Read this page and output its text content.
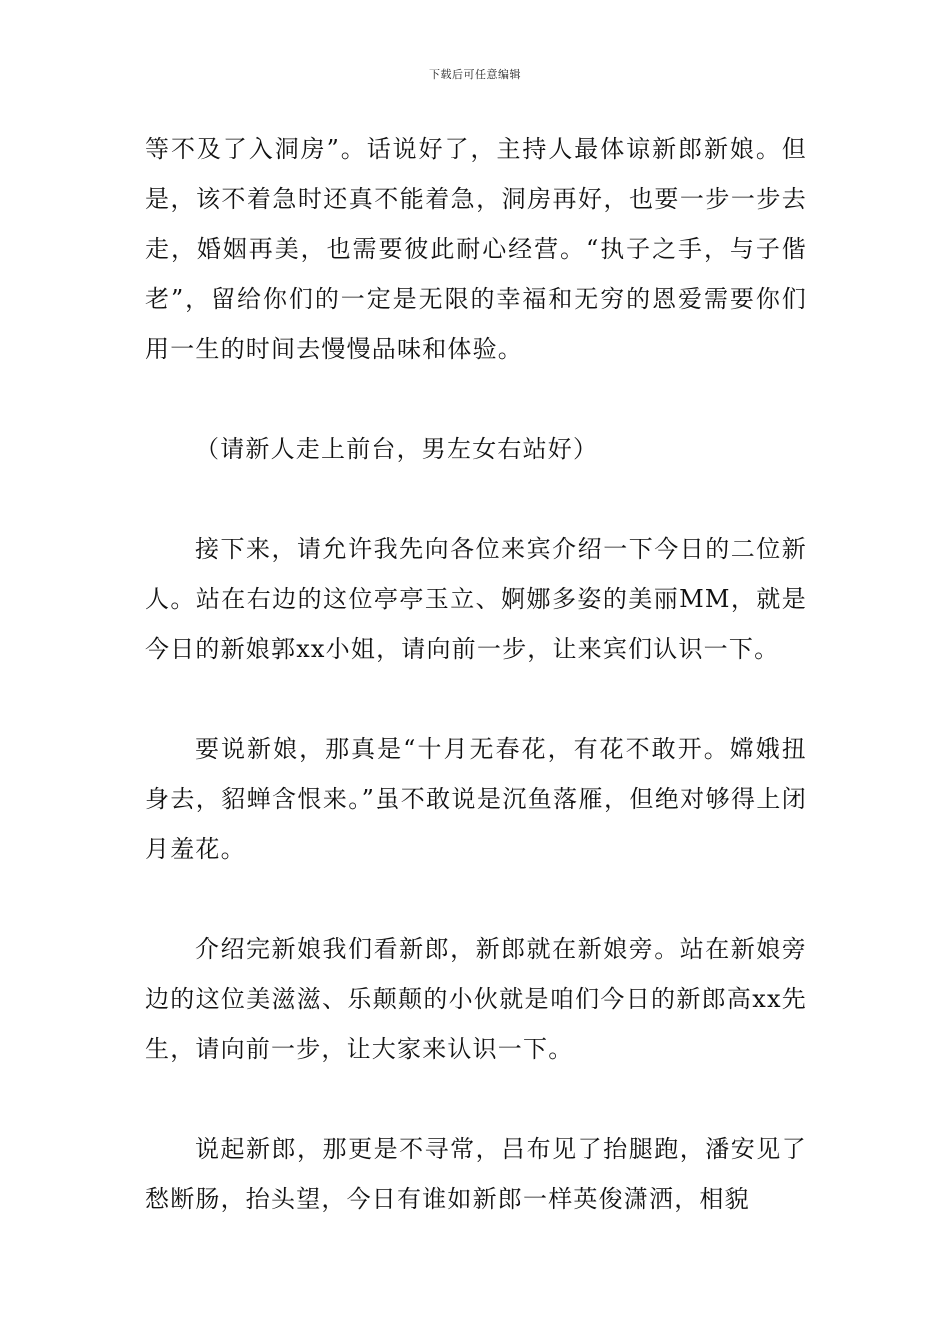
下载后可任意编辑

等不及了入洞房”。话说好了，主持人最体谅新郎新娘。但是，该不着急时还真不能着急，洞房再好，也要一步一步去走，婚姻再美，也需要彼此耐心经营。“执子之手，与子偕老”，留给你们的一定是无限的幸福和无穷的恩爱需要你们用一生的时间去慢慢品味和体验。

（请新人走上前台，男左女右站好）

接下来，请允许我先向各位来宾介绍一下今日的二位新人。站在右边的这位亭亭玉立、婀娜多姿的美丽MM，就是今日的新娘郭xx小姐，请向前一步，让来宾们认识一下。

要说新娘，那真是“十月无春花，有花不敢开。嫦娥扭身去，貂蝉含恨来。”虽不敢说是沉鱼落雁，但绝对够得上闭月羞花。

介绍完新娘我们看新郎，新郎就在新娘旁。站在新娘旁边的这位美滋滋、乐颠颠的小伙就是咱们今日的新郎高xx先生，请向前一步，让大家来认识一下。

说起新郎，那更是不寻常，吕布见了抬腿跑，潘安见了愁断肠，抬头望，今日有谁如新郎一样英俊潇洒，相貌
